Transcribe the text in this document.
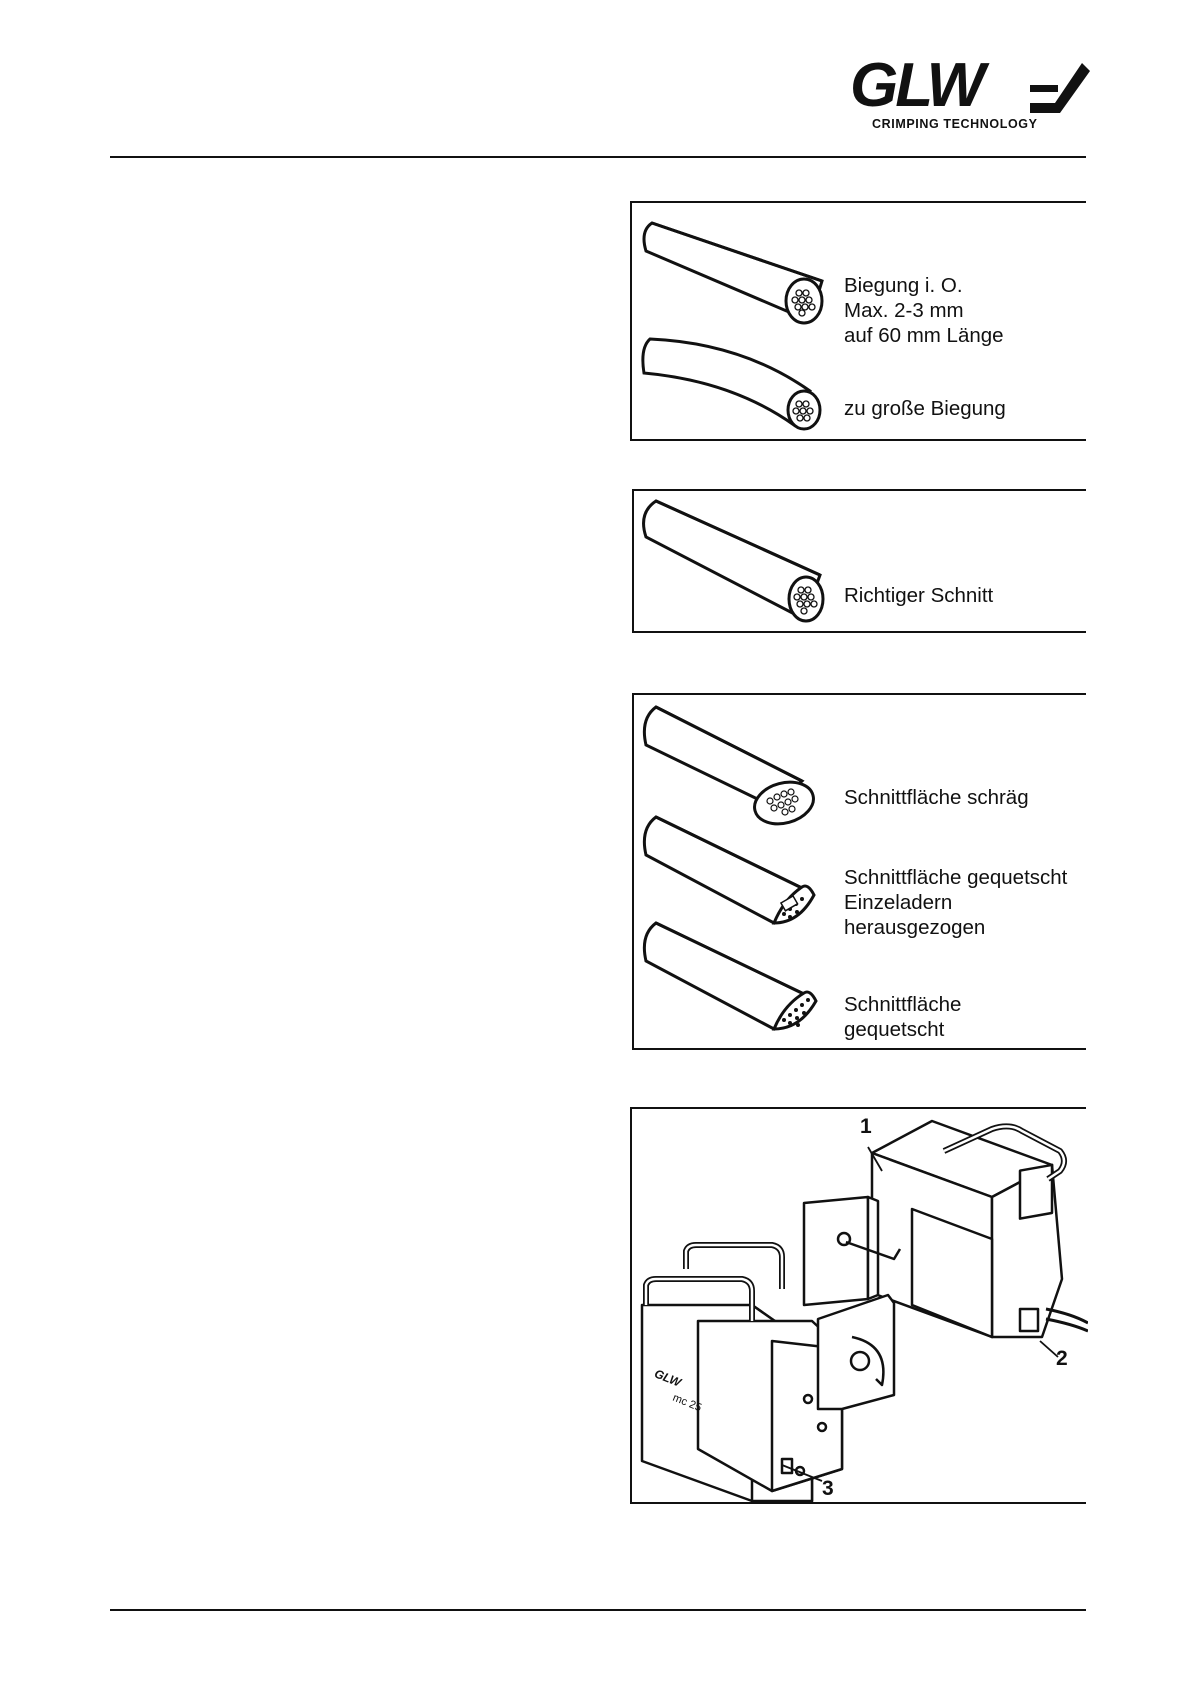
GLW
CRIMPING TECHNOLOGY
Biegung i. O.
Max. 2-3 mm
auf 60 mm Länge
zu große Biegung
Richtiger Schnitt
Schnittfläche schräg
Schnittfläche gequetscht
Einzeladern
herausgezogen
Schnittfläche
gequetscht
1
2
3
GLW
mc 25
